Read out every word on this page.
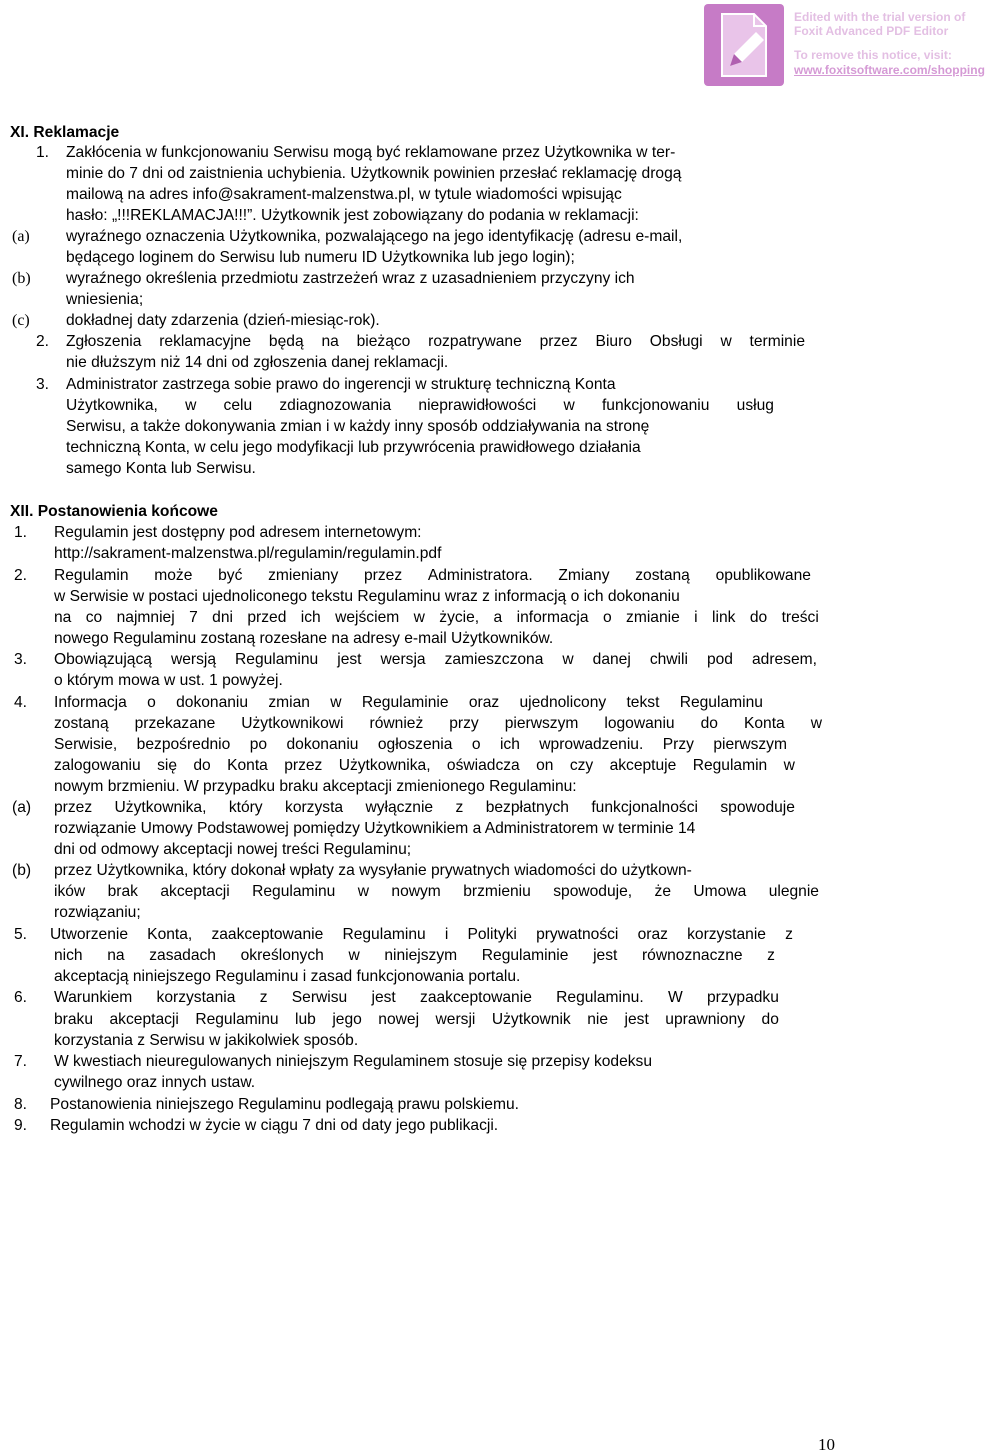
Edited with the trial version of
Foxit Advanced PDF Editor
To remove this notice, visit:
www.foxitsoftware.com/shopping
XI. Reklamacje
1. Zakłócenia w funkcjonowaniu Serwisu mogą być reklamowane przez Użytkownika w ter-
minie do 7 dni od zaistnienia uchybienia. Użytkownik powinien przesłać reklamację drogą
mailową na adres info@sakrament-malzenstwa.pl, w tytule wiadomości wpisując
hasło: „!!!REKLAMACJA!!!”. Użytkownik jest zobowiązany do podania w reklamacji:
(a) wyraźnego oznaczenia Użytkownika, pozwalającego na jego identyfikację (adresu e-mail,
będącego loginem do Serwisu lub numeru ID Użytkownika lub jego login);
(b) wyraźnego określenia przedmiotu zastrzeżeń wraz z uzasadnieniem przyczyny ich
wniesienia;
(c) dokładnej daty zdarzenia (dzień-miesiąc-rok).
2. Zgłoszenia reklamacyjne będą na bieżąco rozpatrywane przez Biuro Obsługi w terminie
nie dłuższym niż 14 dni od zgłoszenia danej reklamacji.
3. Administrator zastrzega sobie prawo do ingerencji w strukturę techniczną Konta
Użytkownika, w celu zdiagnozowania nieprawidłowości w funkcjonowaniu usług
Serwisu, a także dokonywania zmian i w każdy inny sposób oddziaływania na stronę
techniczną Konta, w celu jego modyfikacji lub przywrócenia prawidłowego działania
samego Konta lub Serwisu.
XII. Postanowienia końcowe
1. Regulamin jest dostępny pod adresem internetowym:
http://sakrament-malzenstwa.pl/regulamin/regulamin.pdf
2. Regulamin może być zmieniany przez Administratora. Zmiany zostaną opublikowane
w Serwisie w postaci ujednoliconego tekstu Regulaminu wraz z informacją o ich dokonaniu
na co najmniej 7 dni przed ich wejściem w życie, a informacja o zmianie i link do treści
nowego Regulaminu zostaną rozesłane na adresy e-mail Użytkowników.
3. Obowiązującą wersją Regulaminu jest wersja zamieszczona w danej chwili pod adresem,
o którym mowa w ust. 1 powyżej.
4. Informacja o dokonaniu zmian w Regulaminie oraz ujednolicony tekst Regulaminu
zostaną przekazane Użytkownikowi również przy pierwszym logowaniu do Konta w
Serwisie, bezpośrednio po dokonaniu ogłoszenia o ich wprowadzeniu. Przy pierwszym
zalogowaniu się do Konta przez Użytkownika, oświadcza on czy akceptuje Regulamin w
nowym brzmieniu. W przypadku braku akceptacji zmienionego Regulaminu:
(a) przez Użytkownika, który korzysta wyłącznie z bezpłatnych funkcjonalności spowoduje
rozwiązanie Umowy Podstawowej pomiędzy Użytkownikiem a Administratorem w terminie 14
dni od odmowy akceptacji nowej treści Regulaminu;
(b) przez Użytkownika, który dokonał wpłaty za wysyłanie prywatnych wiadomości do użytkown-
ików brak akceptacji Regulaminu w nowym brzmieniu spowoduje, że Umowa ulegnie
rozwiązaniu;
5. Utworzenie Konta, zaakceptowanie Regulaminu i Polityki prywatności oraz korzystanie z
nich na zasadach określonych w niniejszym Regulaminie jest równoznaczne z
akceptacją niniejszego Regulaminu i zasad funkcjonowania portalu.
6. Warunkiem korzystania z Serwisu jest zaakceptowanie Regulaminu. W przypadku
braku akceptacji Regulaminu lub jego nowej wersji Użytkownik nie jest uprawniony do
korzystania z Serwisu w jakikolwiek sposób.
7. W kwestiach nieuregulowanych niniejszym Regulaminem stosuje się przepisy kodeksu
cywilnego oraz innych ustaw.
8. Postanowienia niniejszego Regulaminu podlegają prawu polskiemu.
9. Regulamin wchodzi w życie w ciągu 7 dni od daty jego publikacji.
10
